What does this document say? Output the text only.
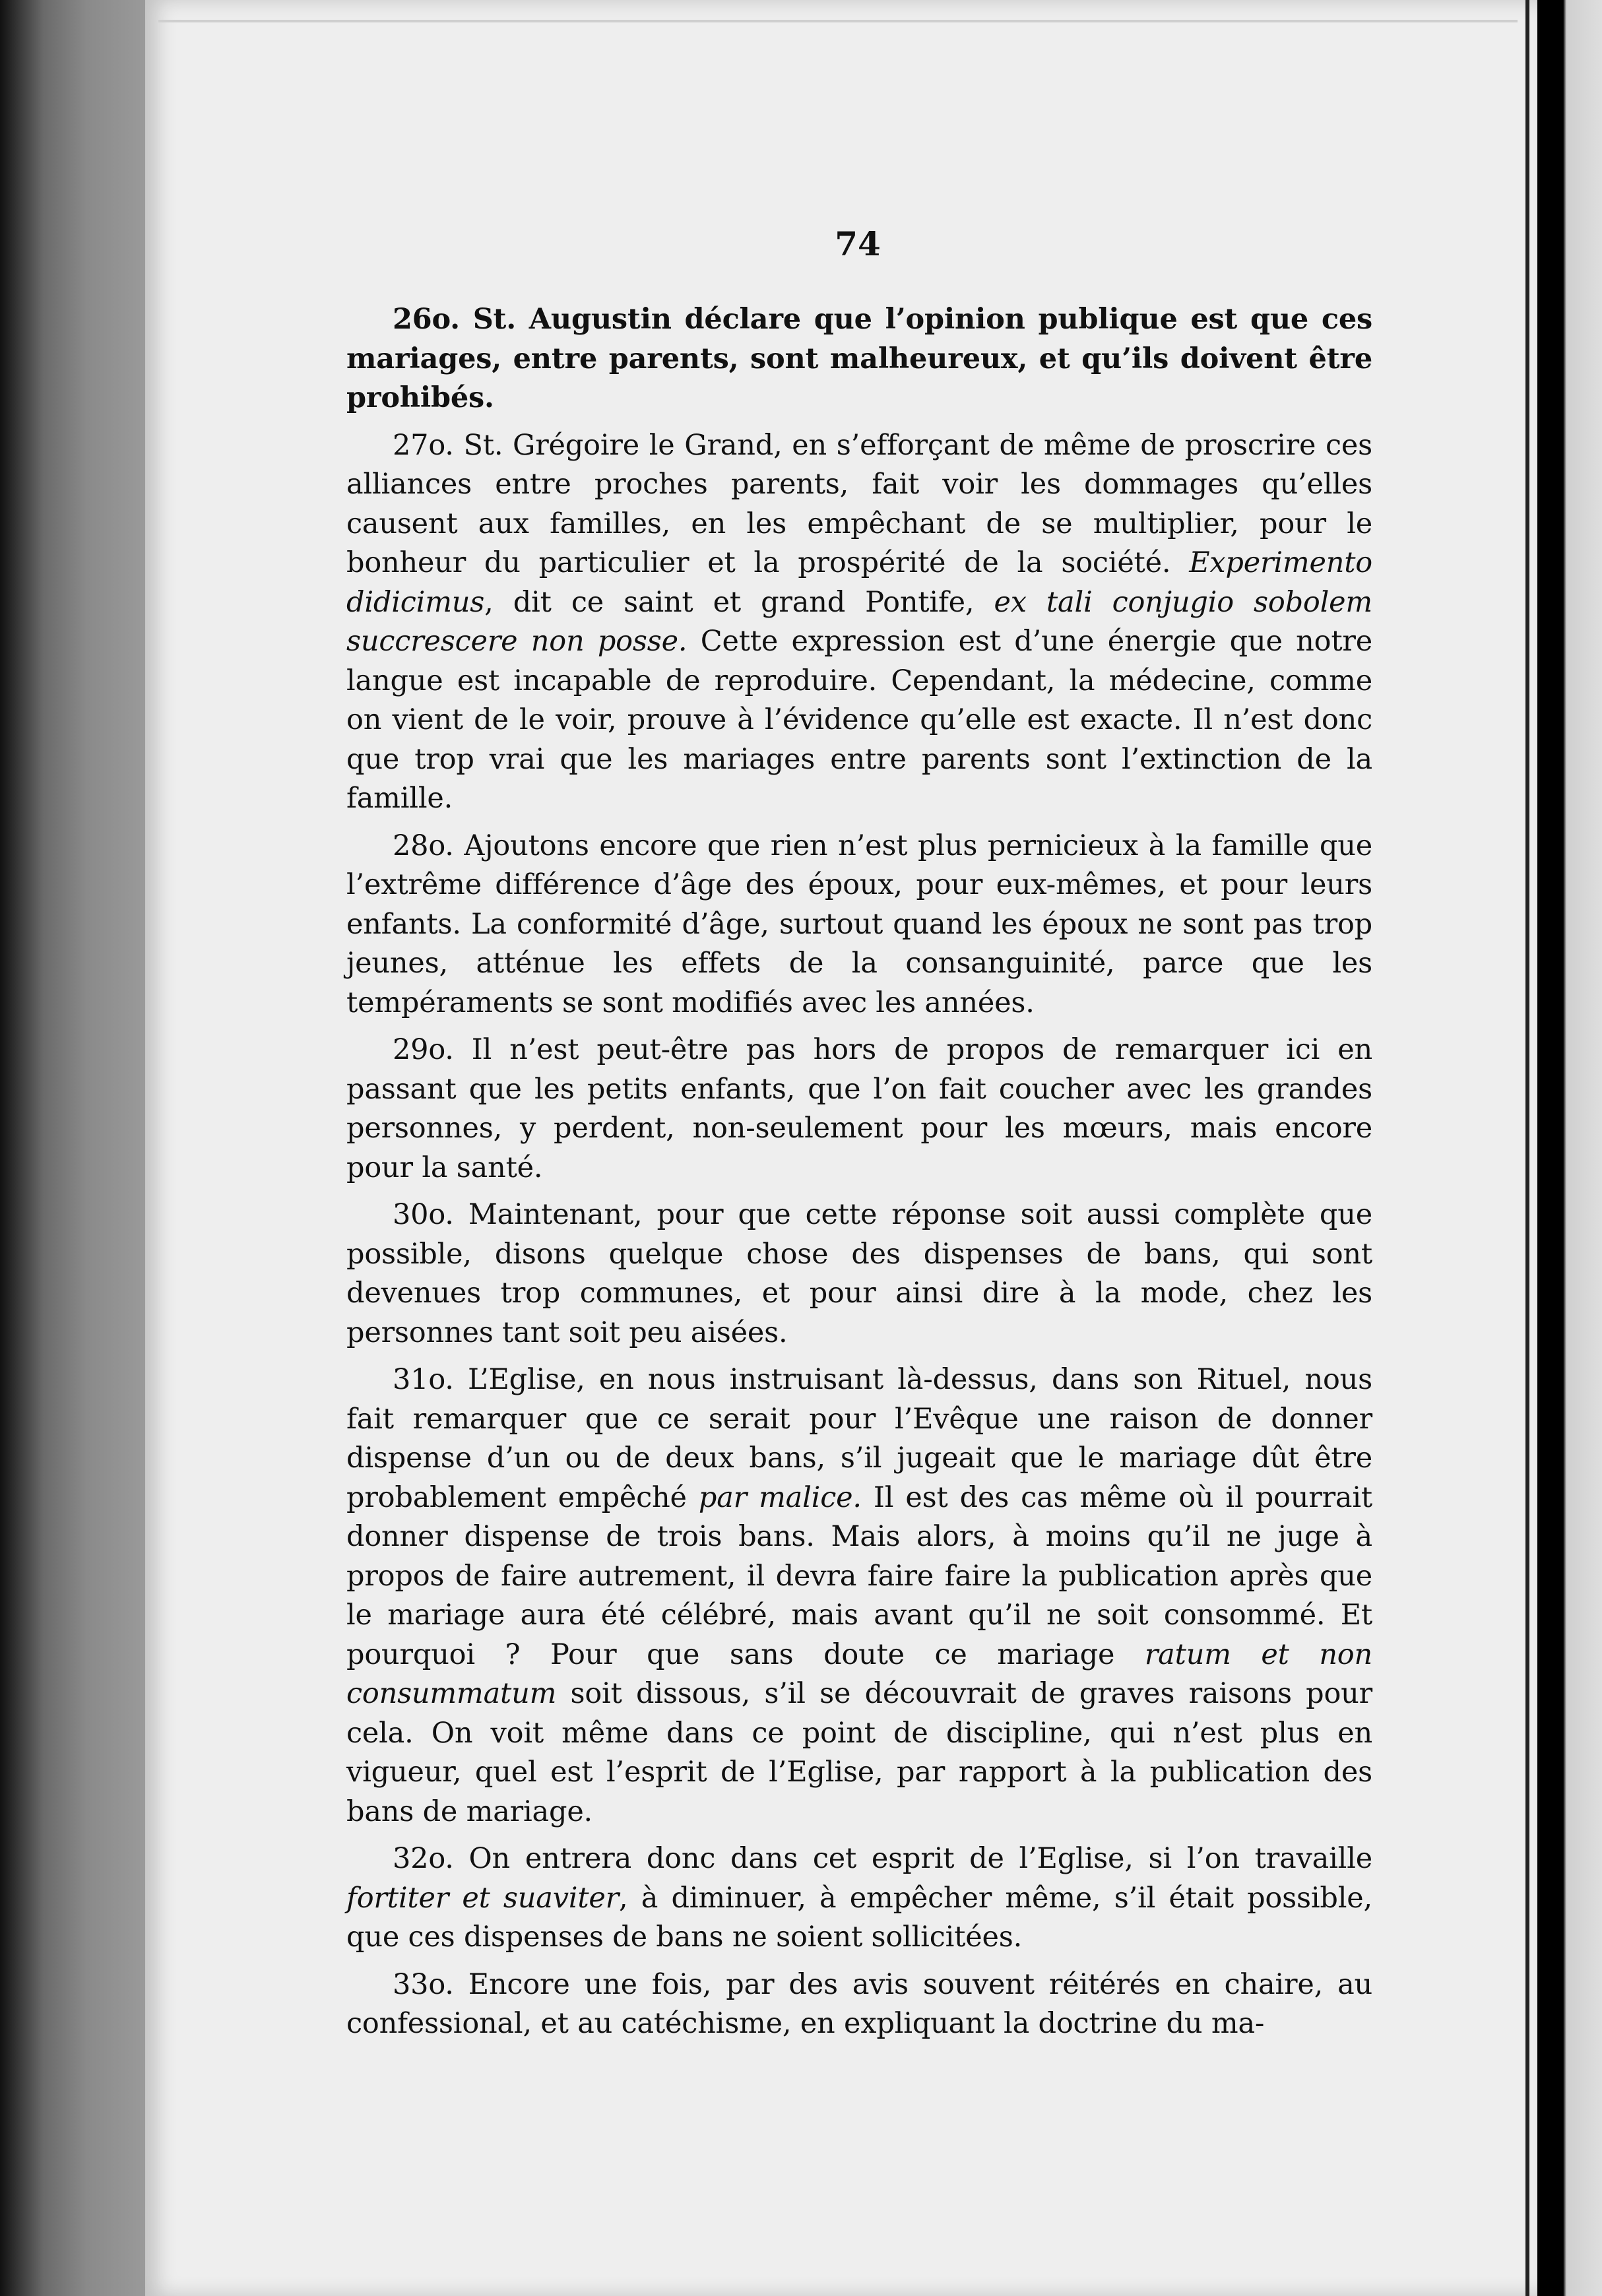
74

26o. St. Augustin déclare que l’opinion publique est que ces mariages, entre parents, sont malheureux, et qu’ils doivent être prohibés.

27o. St. Grégoire le Grand, en s’efforçant de même de proscrire ces alliances entre proches parents, fait voir les dommages qu’elles causent aux familles, en les empêchant de se multiplier, pour le bonheur du particulier et la prospérité de la société. Experimento didicimus, dit ce saint et grand Pontife, ex tali conjugio sobolem succrescere non posse. Cette expression est d’une énergie que notre langue est incapable de reproduire. Cependant, la médecine, comme on vient de le voir, prouve à l’évidence qu’elle est exacte. Il n’est donc que trop vrai que les mariages entre parents sont l’extinction de la famille.

28o. Ajoutons encore que rien n’est plus pernicieux à la famille que l’extrême différence d’âge des époux, pour eux-mêmes, et pour leurs enfants. La conformité d’âge, surtout quand les époux ne sont pas trop jeunes, atténue les effets de la consanguinité, parce que les tempéraments se sont modifiés avec les années.

29o. Il n’est peut-être pas hors de propos de remarquer ici en passant que les petits enfants, que l’on fait coucher avec les grandes personnes, y perdent, non-seulement pour les mœurs, mais encore pour la santé.

30o. Maintenant, pour que cette réponse soit aussi complète que possible, disons quelque chose des dispenses de bans, qui sont devenues trop communes, et pour ainsi dire à la mode, chez les personnes tant soit peu aisées.

31o. L’Eglise, en nous instruisant là-dessus, dans son Rituel, nous fait remarquer que ce serait pour l’Evêque une raison de donner dispense d’un ou de deux bans, s’il jugeait que le mariage dût être probablement empêché par malice. Il est des cas même où il pourrait donner dispense de trois bans. Mais alors, à moins qu’il ne juge à propos de faire autrement, il devra faire faire la publication après que le mariage aura été célébré, mais avant qu’il ne soit consommé. Et pourquoi ? Pour que sans doute ce mariage ratum et non consummatum soit dissous, s’il se découvrait de graves raisons pour cela. On voit même dans ce point de discipline, qui n’est plus en vigueur, quel est l’esprit de l’Eglise, par rapport à la publication des bans de mariage.

32o. On entrera donc dans cet esprit de l’Eglise, si l’on travaille fortiter et suaviter, à diminuer, à empêcher même, s’il était possible, que ces dispenses de bans ne soient sollicitées.

33o. Encore une fois, par des avis souvent réitérés en chaire, au confessional, et au catéchisme, en expliquant la doctrine du ma-
